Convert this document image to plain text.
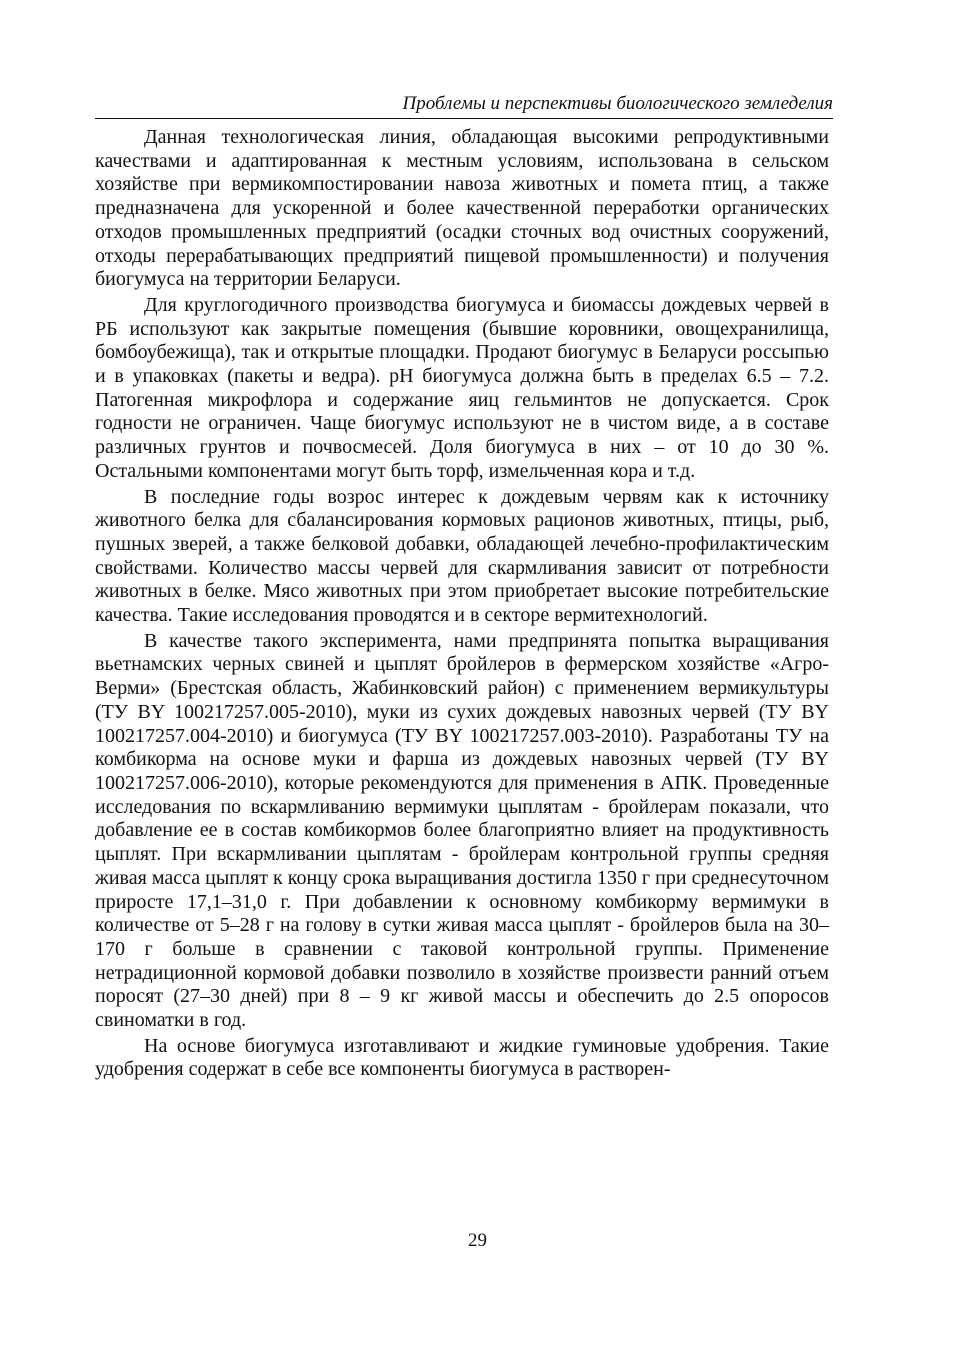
Проблемы и перспективы биологического земледелия

Данная технологическая линия, обладающая высокими репродуктивными качествами и адаптированная к местным условиям, использована в сельском хозяйстве при вермикомпостировании навоза животных и помета птиц, а также предназначена для ускоренной и более качественной переработки органических отходов промышленных предприятий (осадки сточных вод очистных сооружений, отходы перерабатывающих предприятий пищевой промышленности) и получения биогумуса на территории Беларуси.

Для круглогодичного производства биогумуса и биомассы дождевых червей в РБ используют как закрытые помещения (бывшие коровники, овощехранилища, бомбоубежища), так и открытые площадки. Продают биогумус в Беларуси россыпью и в упаковках (пакеты и ведра). pH биогумуса должна быть в пределах 6.5 – 7.2. Патогенная микрофлора и содержание яиц гельминтов не допускается. Срок годности не ограничен. Чаще биогумус используют не в чистом виде, а в составе различных грунтов и почвосмесей. Доля биогумуса в них – от 10 до 30 %. Остальными компонентами могут быть торф, измельченная кора и т.д.

В последние годы возрос интерес к дождевым червям как к источнику животного белка для сбалансирования кормовых рационов животных, птицы, рыб, пушных зверей, а также белковой добавки, обладающей лечебно-профилактическим свойствами. Количество массы червей для скармливания зависит от потребности животных в белке. Мясо животных при этом приобретает высокие потребительские качества. Такие исследования проводятся и в секторе вермитехнологий.

В качестве такого эксперимента, нами предпринята попытка выращивания вьетнамских черных свиней и цыплят бройлеров в фермерском хозяйстве «Агро-Верми» (Брестская область, Жабинковский район) с применением вермикультуры (ТУ BY 100217257.005-2010), муки из сухих дождевых навозных червей (ТУ BY 100217257.004-2010) и биогумуса (ТУ BY 100217257.003-2010). Разработаны ТУ на комбикорма на основе муки и фарша из дождевых навозных червей (ТУ BY 100217257.006-2010), которые рекомендуются для применения в АПК. Проведенные исследования по вскармливанию вермимуки цыплятам - бройлерам показали, что добавление ее в состав комбикормов более благоприятно влияет на продуктивность цыплят. При вскармливании цыплятам - бройлерам контрольной группы средняя живая масса цыплят к концу срока выращивания достигла 1350 г при среднесуточном приросте 17,1–31,0 г. При добавлении к основному комбикорму вермимуки в количестве от 5–28 г на голову в сутки живая масса цыплят - бройлеров была на 30–170 г больше в сравнении с таковой контрольной группы. Применение нетрадиционной кормовой добавки позволило в хозяйстве произвести ранний отъем поросят (27–30 дней) при 8 – 9 кг живой массы и обеспечить до 2.5 опоросов свиноматки в год.

На основе биогумуса изготавливают и жидкие гуминовые удобрения. Такие удобрения содержат в себе все компоненты биогумуса в растворен-

29
